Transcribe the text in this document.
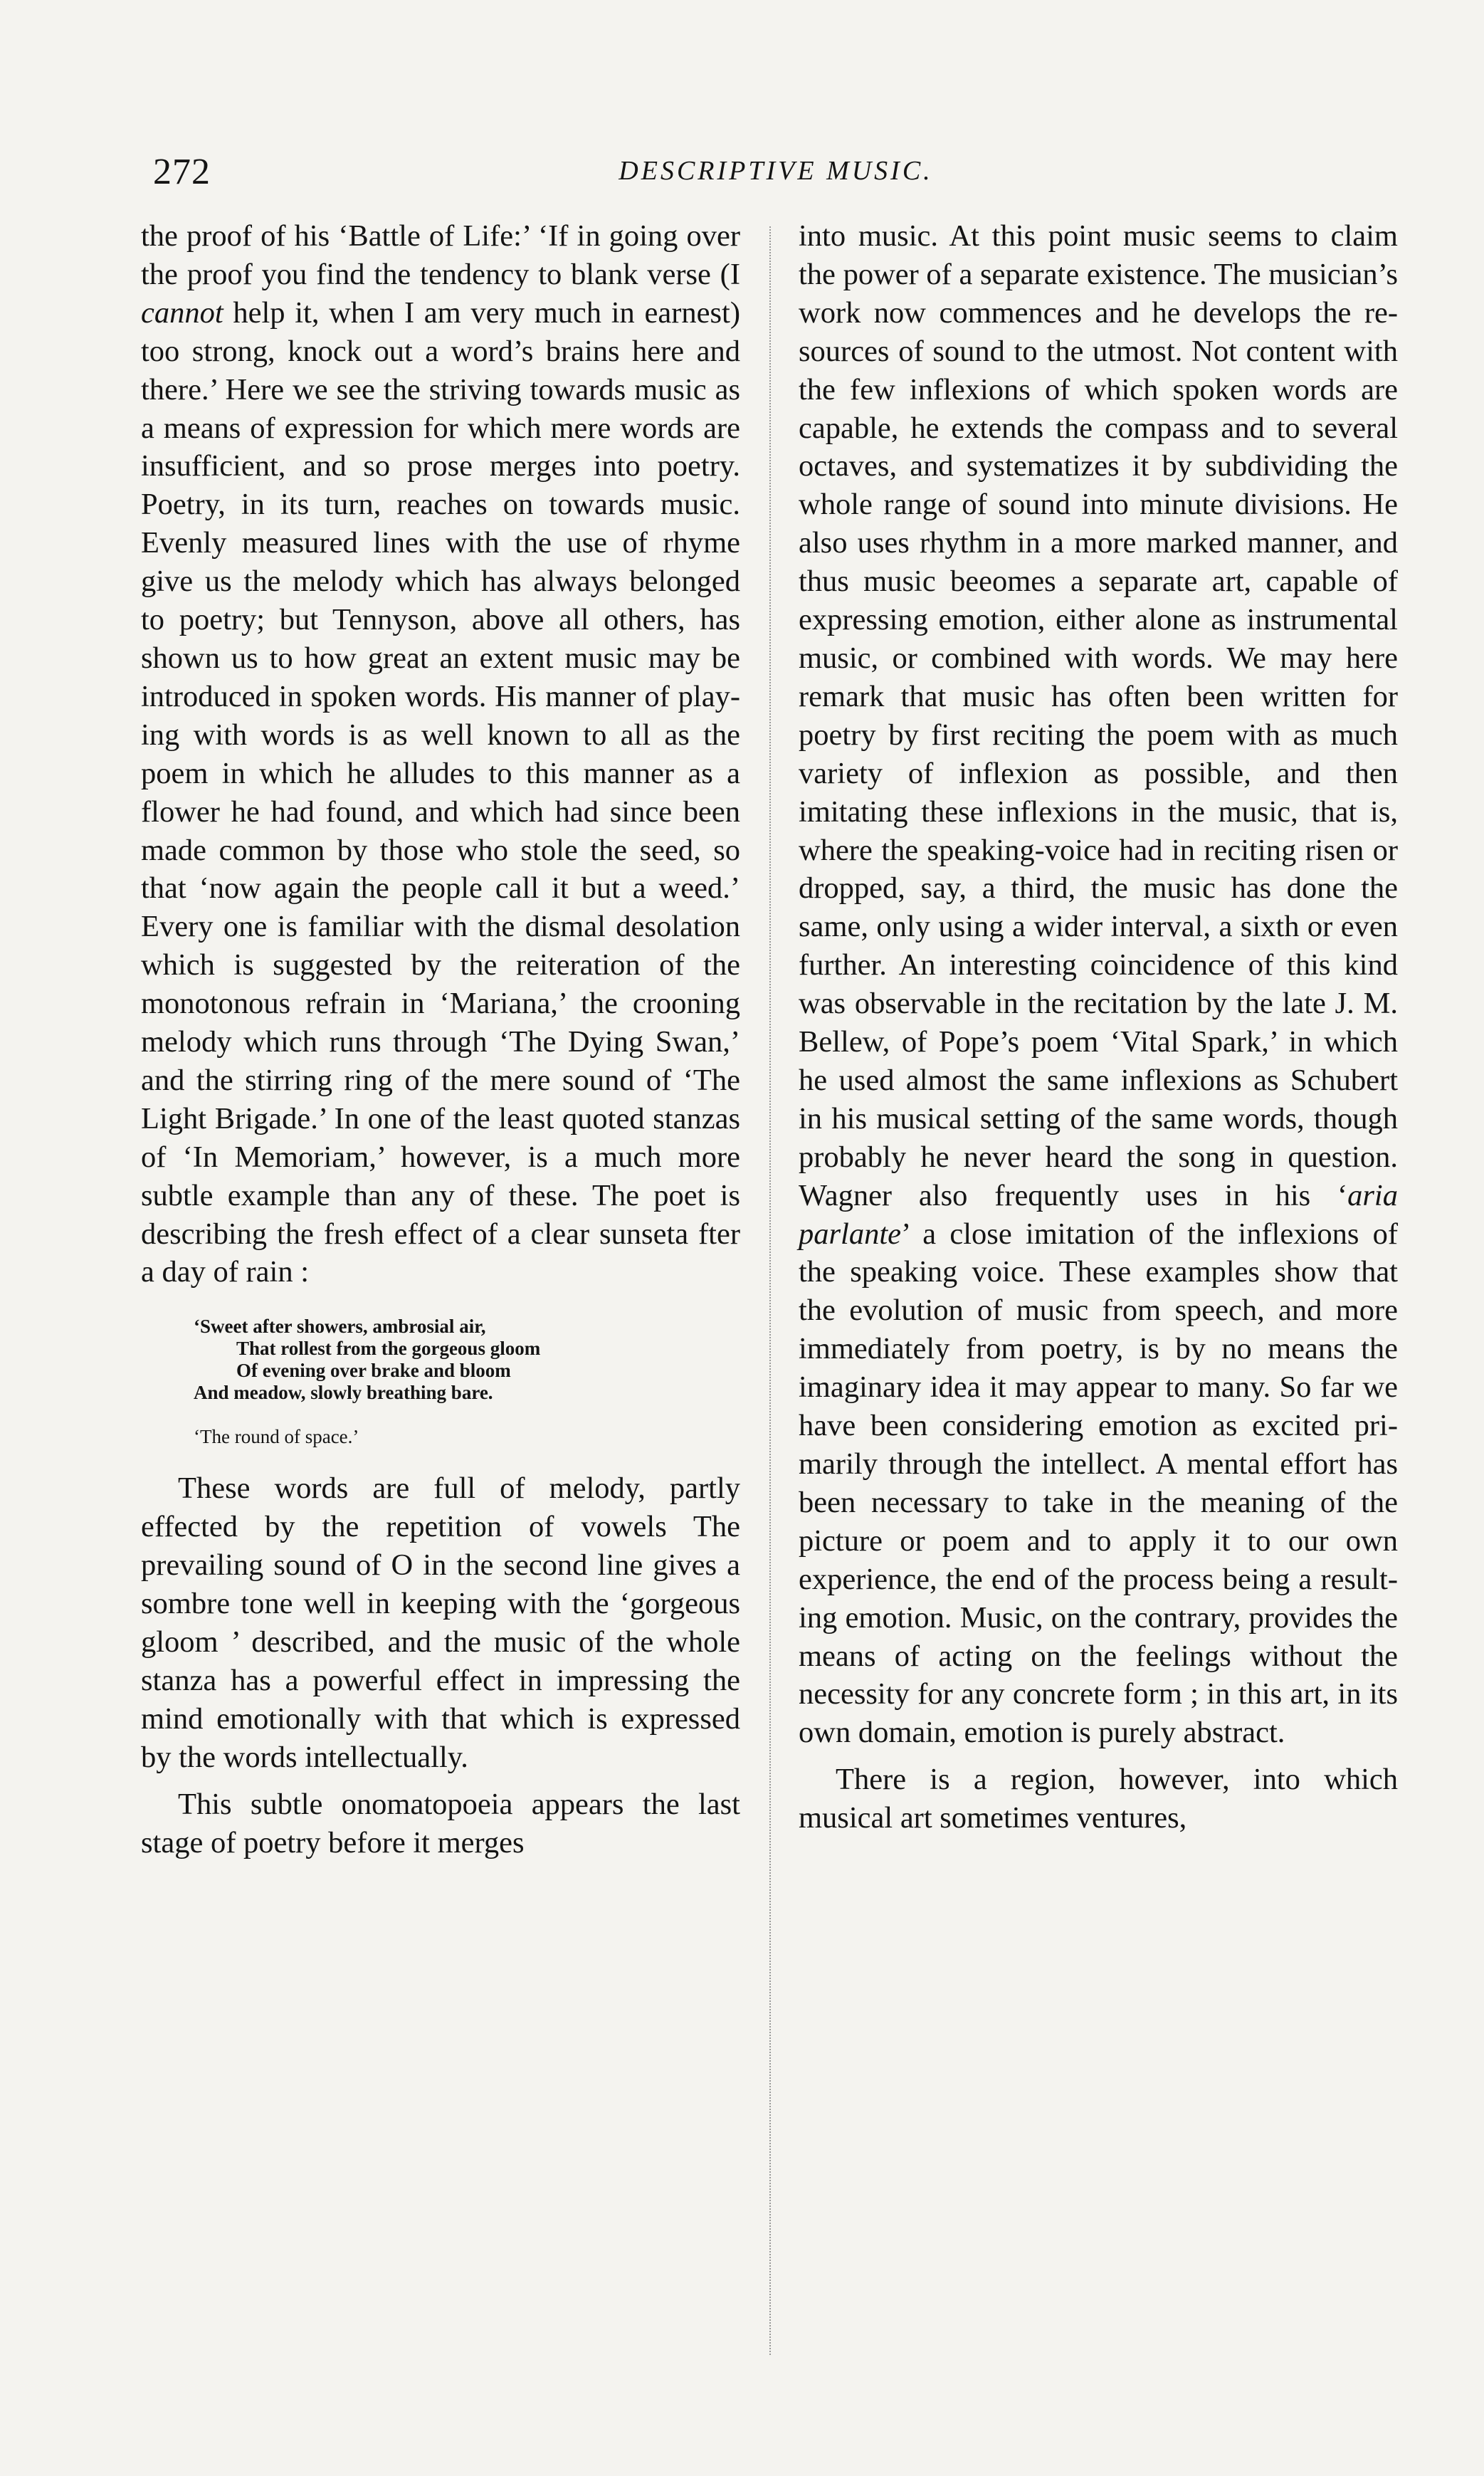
272	DESCRIPTIVE MUSIC.

the proof of his ‘Battle of Life:’ ‘If in going over the proof you find the tendency to blank verse (I cannot help it, when I am very much in earnest) too strong, knock out a word’s brains here and there.’ Here we see the striving towards music as a means of expression for which mere words are insufficient, and so prose merges into poetry. Poetry, in its turn, reaches on towards music. Evenly measured lines with the use of rhyme give us the melody which has always belonged to poetry; but Tennyson, above all others, has shown us to how great an extent music may be introduced in spoken words. His manner of playing with words is as well known to all as the poem in which he alludes to this manner as a flower he had found, and which had since been made common by those who stole the seed, so that ‘now again the people call it but a weed.’ Every one is familiar with the dismal desolation which is suggested by the reiteration of the monotonous refrain in ‘Mariana,’ the crooning melody which runs through ‘The Dying Swan,’ and the stirring ring of the mere sound of ‘The Light Brigade.’ In one of the least quoted stanzas of ‘In Memoriam,’ however, is a much more subtle example than any of these. The poet is describing the fresh effect of a clear sunseta fter a day of rain :

‘Sweet after showers, ambrosial air,
That rollest from the gorgeous gloom
Of evening over brake and bloom
And meadow, slowly breathing bare.
‘The round of space.’

These words are full of melody, partly effected by the repetition of vowels The prevailing sound of O in the second line gives a sombre tone well in keeping with the ‘gorgeous gloom ’ described, and the music of the whole stanza has a powerful effect in impressing the mind emotionally with that which is expressed by the words intellectually.

This subtle onomatopoeia appears the last stage of poetry before it merges

into music. At this point music seems to claim the power of a separate existence. The musician’s work now commences and he develops the resources of sound to the utmost. Not content with the few inflexions of which spoken words are capable, he extends the compass and to several octaves, and systematizes it by subdividing the whole range of sound into minute divisions. He also uses rhythm in a more marked manner, and thus music beeomes a separate art, capable of expressing emotion, either alone as instrumental music, or combined with words. We may here remark that music has often been written for poetry by first reciting the poem with as much variety of inflexion as possible, and then imitating these inflexions in the music, that is, where the speaking-voice had in reciting risen or dropped, say, a third, the music has done the same, only using a wider interval, a sixth or even further. An interesting coincidence of this kind was observable in the recitation by the late J. M. Bellew, of Pope’s poem ‘Vital Spark,’ in which he used almost the same inflexions as Schubert in his musical setting of the same words, though probably he never heard the song in question. Wagner also frequently uses in his ‘aria parlante’ a close imitation of the inflexions of the speaking voice. These examples show that the evolution of music from speech, and more immediately from poetry, is by no means the imaginary idea it may appear to many. So far we have been considering emotion as excited primarily through the intellect. A mental effort has been necessary to take in the meaning of the picture or poem and to apply it to our own experience, the end of the process being a resulting emotion. Music, on the contrary, provides the means of acting on the feelings without the necessity for any concrete form ; in this art, in its own domain, emotion is purely abstract.

There is a region, however, into which musical art sometimes ventures,
